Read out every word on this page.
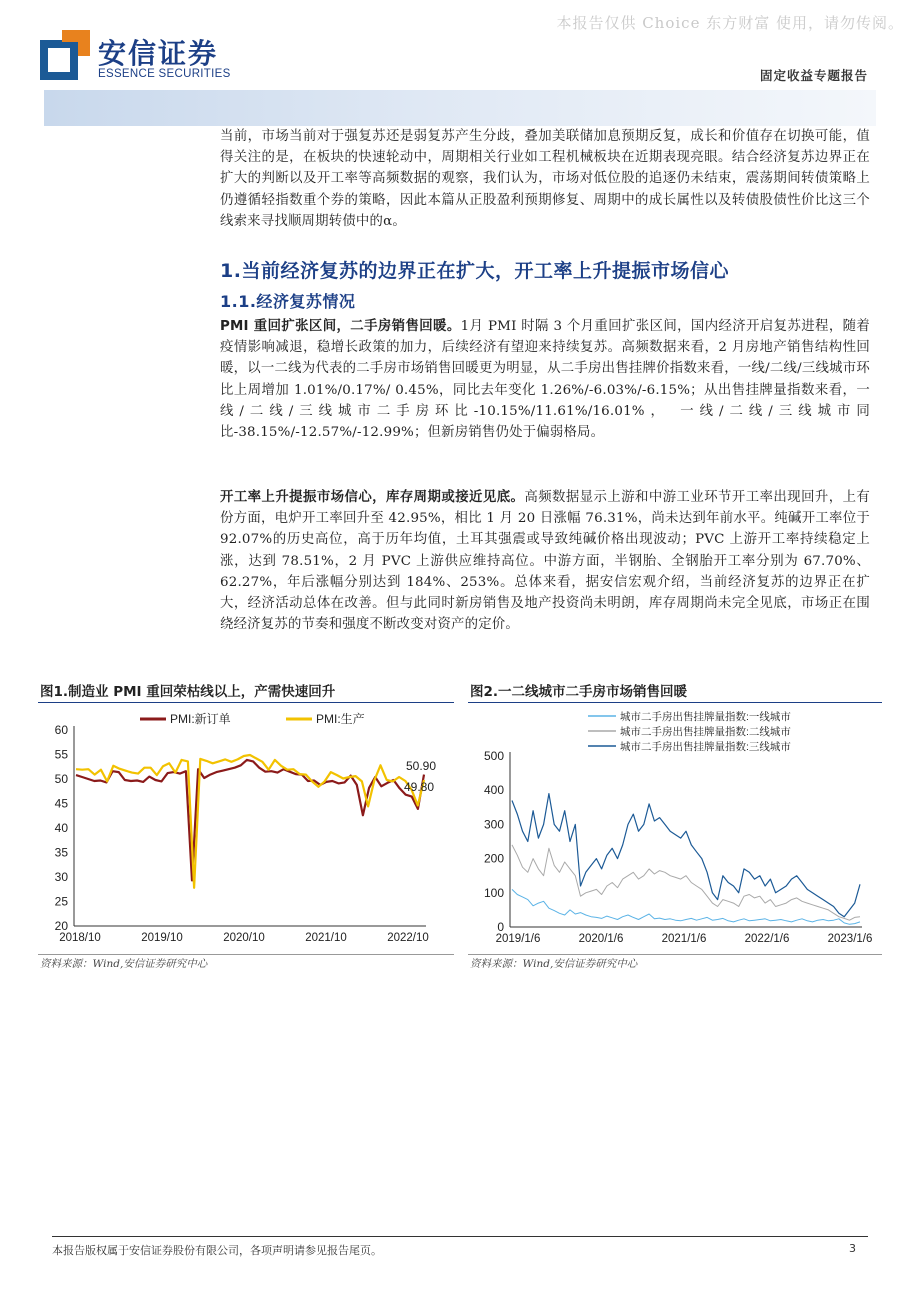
本报告仅供 Choice 东方财富 使用，请勿传阅。
安信证券
ESSENCE SECURITIES	固定收益专题报告
当前，市场当前对于强复苏还是弱复苏产生分歧，叠加美联储加息预期反复，成长和价值存在切换可能，值得关注的是，在板块的快速轮动中，周期相关行业如工程机械板块在近期表现亮眼。结合经济复苏边界正在扩大的判断以及开工率等高频数据的观察，我们认为，市场对低位股的追逐仍未结束，震荡期间转债策略上仍遵循轻指数重个券的策略，因此本篇从正股盈利预期修复、周期中的成长属性以及转债股债性价比这三个线索来寻找顺周期转债中的α。
1.当前经济复苏的边界正在扩大，开工率上升提振市场信心
1.1.经济复苏情况
PMI 重回扩张区间，二手房销售回暖。1月 PMI 时隔 3 个月重回扩张区间，国内经济开启复苏进程，随着疫情影响减退，稳增长政策的加力，后续经济有望迎来持续复苏。高频数据来看，2 月房地产销售结构性回暖，以一二线为代表的二手房市场销售回暖更为明显，从二手房出售挂牌价指数来看，一线/二线/三线城市环比上周增加 1.01%/0.17%/ 0.45%，同比去年变化 1.26%/-6.03%/-6.15%；从出售挂牌量指数来看，一线/二线/三线城市二手房环比-10.15%/11.61%/16.01%， 一线/二线/三线城市同比-38.15%/-12.57%/-12.99%；但新房销售仍处于偏弱格局。
开工率上升提振市场信心，库存周期或接近见底。高频数据显示上游和中游工业环节开工率出现回升，上有份方面，电炉开工率回升至 42.95%，相比 1 月 20 日涨幅 76.31%，尚未达到年前水平。纯碱开工率位于 92.07%的历史高位，高于历年均值，土耳其强震或导致纯碱价格出现波动；PVC 上游开工率持续稳定上涨，达到 78.51%，2 月 PVC 上游供应维持高位。中游方面，半钢胎、全钢胎开工率分别为 67.70%、62.27%，年后涨幅分别达到 184%、253%。总体来看，据安信宏观介绍，当前经济复苏的边界正在扩大，经济活动总体在改善。但与此同时新房销售及地产投资尚未明朗，库存周期尚未完全见底，市场正在围绕经济复苏的节奏和强度不断改变对资产的定价。
图1.制造业 PMI 重回荣枯线以上，产需快速回升
20
25
30
35
40
45
50
55
60
2018/10	2019/10	2020/10	2021/10	2022/10
PMI:新订单	PMI:生产
50.90
49.80
资料来源：Wind,安信证券研究中心
图2.一二线城市二手房市场销售回暖
0
100
200
300
400
500
2019/1/6	2020/1/6	2021/1/6	2022/1/6	2023/1/6
城市二手房出售挂牌量指数:一线城市
城市二手房出售挂牌量指数:二线城市
城市二手房出售挂牌量指数:三线城市
资料来源：Wind,安信证券研究中心
本报告版权属于安信证券股份有限公司，各项声明请参见报告尾页。	3
